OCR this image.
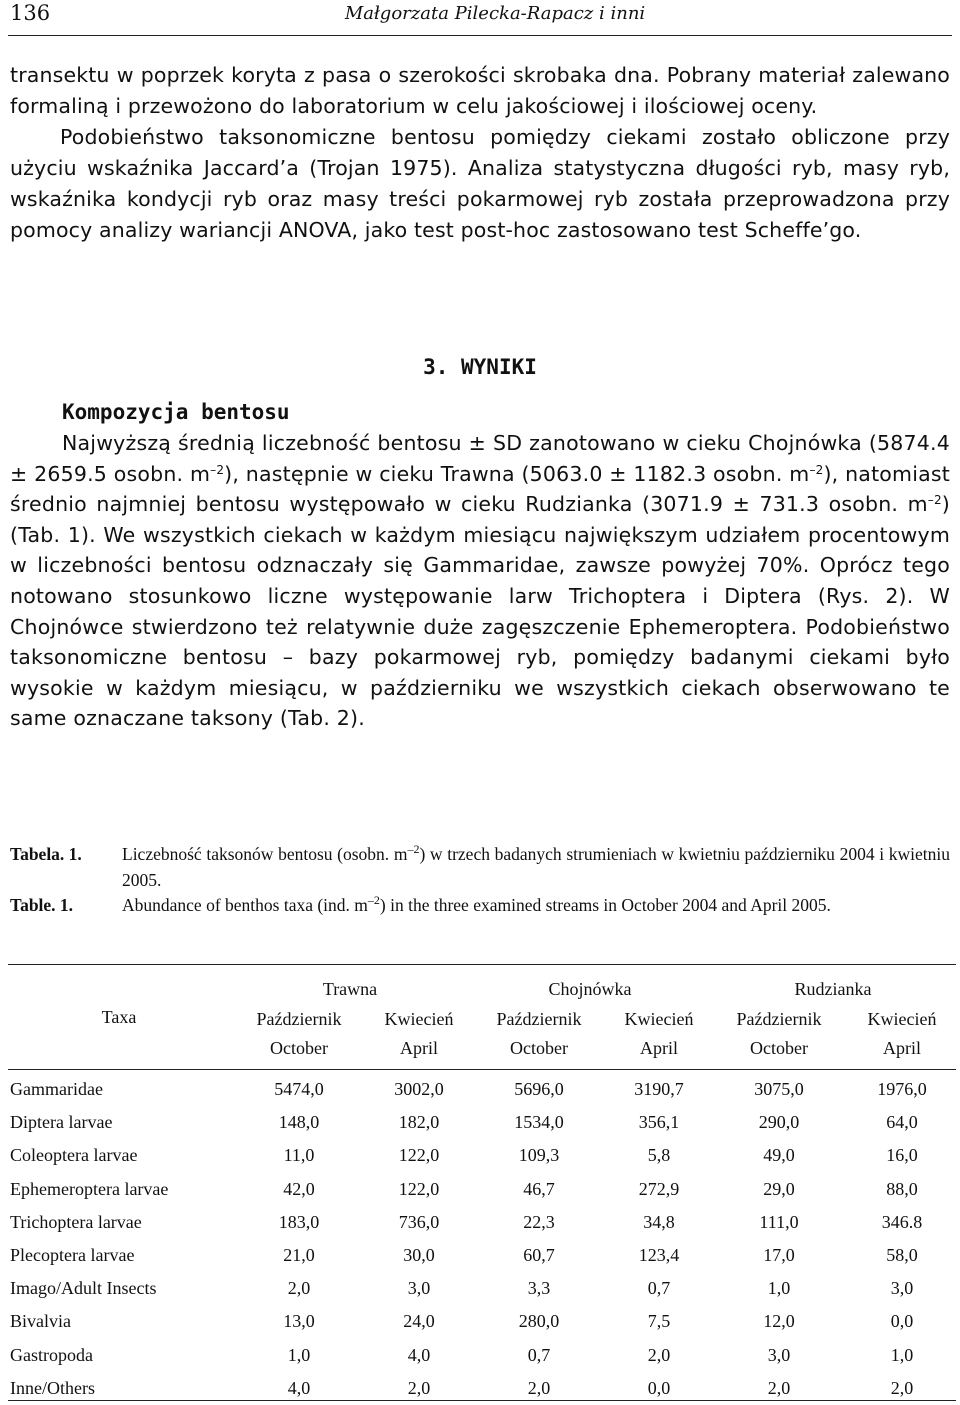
136	Małgorzata Pilecka-Rapacz i inni
transektu w poprzek koryta z pasa o szerokości skrobaka dna. Pobrany materiał zalewano formaliną i przewożono do laboratorium w celu jakościowej i ilościowej oceny.
Podobieństwo taksonomiczne bentosu pomiędzy ciekami zostało obliczone przy użyciu wskaźnika Jaccard’a (Trojan 1975). Analiza statystyczna długości ryb, masy ryb, wskaźnika kondycji ryb oraz masy treści pokarmowej ryb została przeprowadzona przy pomocy analizy wariancji ANOVA, jako test post-hoc zastosowano test Scheffe’go.
3. WYNIKI
Kompozycja bentosu
Najwyższą średnią liczebność bentosu ± SD zanotowano w cieku Chojnówka (5874.4 ± 2659.5 osobn. $m^{-2}$), następnie w cieku Trawna (5063.0 ± 1182.3 osobn. $m^{-2}$), natomiast średnio najmniej bentosu występowało w cieku Rudzianka (3071.9 ± 731.3 osobn. $m^{-2}$) (Tab. 1). We wszystkich ciekach w każdym miesiącu największym udziałem procentowym w liczebności bentosu odznaczały się Gammaridae, zawsze powyżej 70%. Oprócz tego notowano stosunkowo liczne występowanie larw Trichoptera i Diptera (Rys. 2). W Chojnówce stwierdzono też relatywnie duże zagęszczenie Ephemeroptera. Podobieństwo taksonomiczne bentosu – bazy pokarmowej ryb, pomiędzy badanymi ciekami było wysokie w każdym miesiącu, w październiku we wszystkich ciekach obserwowano te same oznaczane taksony (Tab. 2).
Tabela. 1.	Liczebność taksonów bentosu (osobn. $m^{-2}$) w trzech badanych strumieniach w kwietniu październiku 2004 i kwietniu 2005.
Table. 1.	Abundance of benthos taxa (ind. $m^{-2}$) in the three examined streams in October 2004 and April 2005.
Taxa	Trawna		Chojnówka		Rudzianka	
	Październik	Kwiecień	Październik	Kwiecień	Październik	Kwiecień
	October	April	October	April	October	April
Gammaridae	5474,0	3002,0	5696,0	3190,7	3075,0	1976,0
Diptera larvae	148,0	182,0	1534,0	356,1	290,0	64,0
Coleoptera larvae	11,0	122,0	109,3	5,8	49,0	16,0
Ephemeroptera larvae	42,0	122,0	46,7	272,9	29,0	88,0
Trichoptera larvae	183,0	736,0	22,3	34,8	111,0	346.8
Plecoptera larvae	21,0	30,0	60,7	123,4	17,0	58,0
Imago/Adult Insects	2,0	3,0	3,3	0,7	1,0	3,0
Bivalvia	13,0	24,0	280,0	7,5	12,0	0,0
Gastropoda	1,0	4,0	0,7	2,0	3,0	1,0
Inne/Others	4,0	2,0	2,0	0,0	2,0	2,0
